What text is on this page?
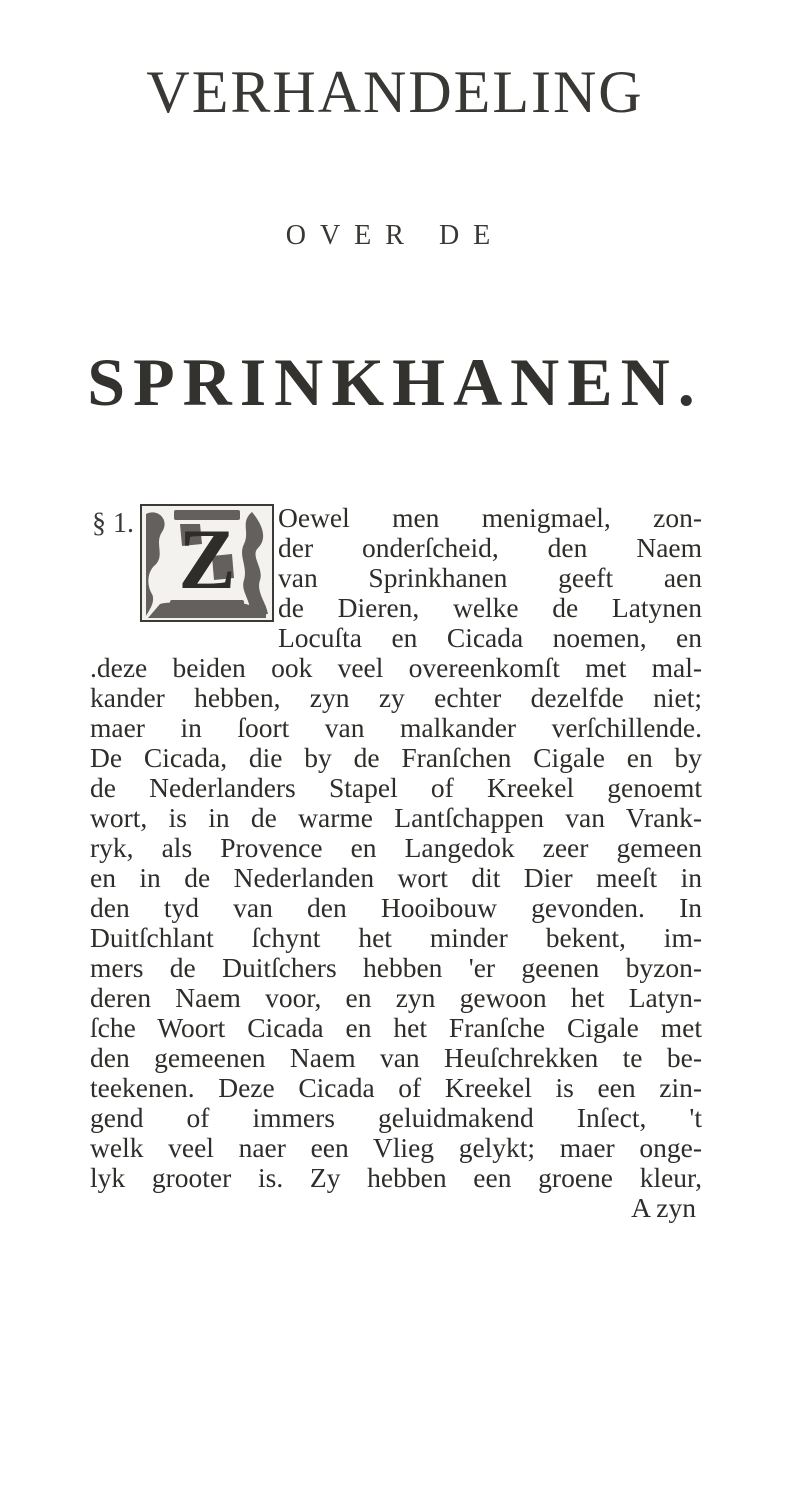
VERHANDELING
OVER DE
SPRINKHANEN.
Z
§ 1.	Oewel men menigmael, zon-
der onderſcheid, den Naem
van Sprinkhanen geeft aen
de Dieren, welke de Latynen
Locuſta en Cicada noemen, en
.deze beiden ook veel overeenkomſt met mal-
kander hebben, zyn zy echter dezelfde niet;
maer in ſoort van malkander verſchillende.
De Cicada, die by de Franſchen Cigale en by
de Nederlanders Stapel of Kreekel genoemt
wort, is in de warme Lantſchappen van Vrank-
ryk, als Provence en Langedok zeer gemeen
en in de Nederlanden wort dit Dier meeſt in
den tyd van den Hooibouw gevonden. In
Duitſchlant ſchynt het minder bekent, im-
mers de Duitſchers hebben 'er geenen byzon-
deren Naem voor, en zyn gewoon het Latyn-
ſche Woort Cicada en het Franſche Cigale met
den gemeenen Naem van Heuſchrekken te be-
teekenen. Deze Cicada of Kreekel is een zin-
gend of immers geluidmakend Inſect, 't
welk veel naer een Vlieg gelykt; maer onge-
lyk grooter is. Zy hebben een groene kleur,
A zyn
